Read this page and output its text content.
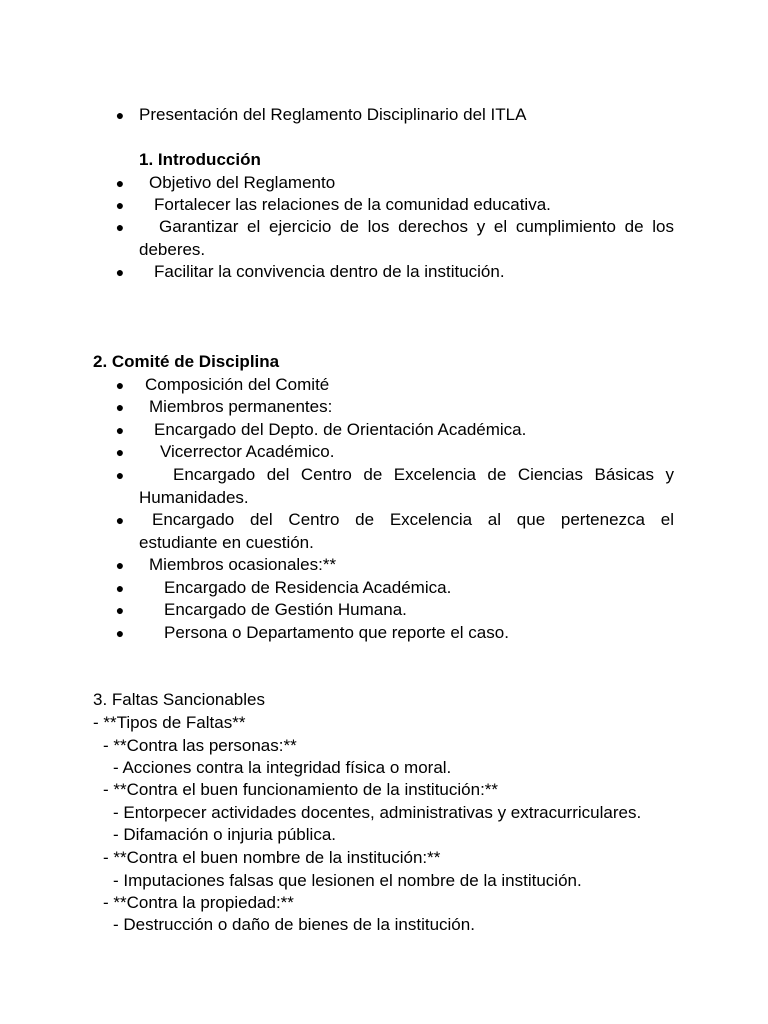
● Presentación del Reglamento Disciplinario del ITLA
1. Introducción
● Objetivo del Reglamento
● Fortalecer las relaciones de la comunidad educativa.
● Garantizar el ejercicio de los derechos y el cumplimiento de los
deberes.
● Facilitar la convivencia dentro de la institución.
2. Comité de Disciplina
● Composición del Comité
● Miembros permanentes:
● Encargado del Depto. de Orientación Académica.
● Vicerrector Académico.
●	Encargado del Centro de Excelencia de Ciencias Básicas y
Humanidades.
● Encargado del Centro de Excelencia al que pertenezca el
estudiante en cuestión.
● Miembros ocasionales:**
● Encargado de Residencia Académica.
● Encargado de Gestión Humana.
● Persona o Departamento que reporte el caso.
3. Faltas Sancionables
- **Tipos de Faltas**
- **Contra las personas:**
- Acciones contra la integridad física o moral.
- **Contra el buen funcionamiento de la institución:**
- Entorpecer actividades docentes, administrativas y extracurriculares.
- Difamación o injuria pública.
- **Contra el buen nombre de la institución:**
- Imputaciones falsas que lesionen el nombre de la institución.
- **Contra la propiedad:**
- Destrucción o daño de bienes de la institución.
